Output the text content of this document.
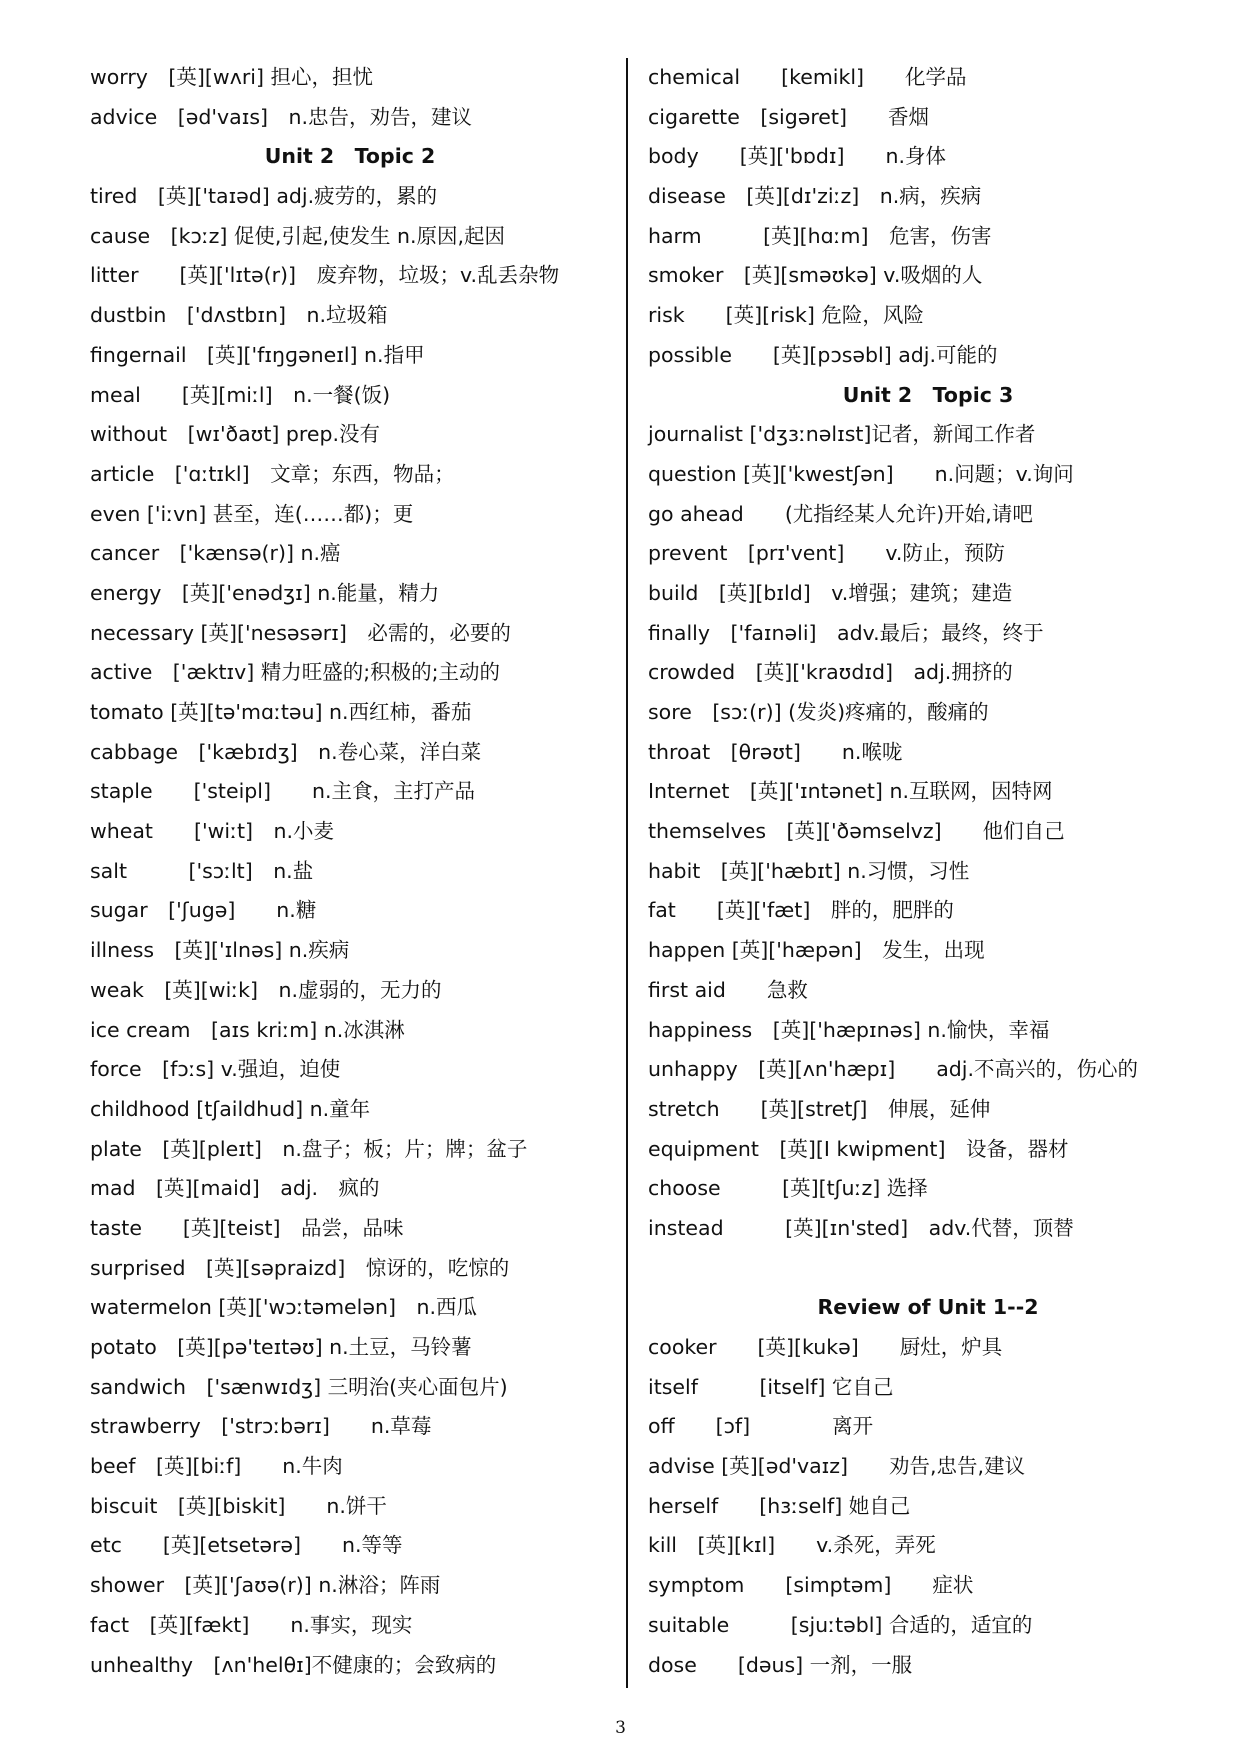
worry [英][wʌri] 担心，担忧
advice [əd'vaɪs] n.忠告，劝告，建议
Unit 2 Topic 2
tired [英]['taɪəd] adj.疲劳的，累的
cause [kɔːz] 促使,引起,使发生 n.原因,起因
litter  [英]['lɪtə(r)] 废弃物，垃圾；v.乱丢杂物
dustbin ['dʌstbɪn] n.垃圾箱
fingernail [英]['fɪŋɡəneɪl] n.指甲
meal  [英][miːl] n.一餐(饭)
without [wɪ'ðaʊt] prep.没有
article ['ɑːtɪkl] 文章；东西，物品；
even ['iːvn] 甚至，连(……都)；更
cancer ['kænsə(r)] n.癌
energy [英]['enədʒɪ] n.能量，精力
necessary [英]['nesəsərɪ] 必需的，必要的
active ['æktɪv] 精力旺盛的;积极的;主动的
tomato [英][tə'mɑːtəu] n.西红柿，番茄
cabbage ['kæbɪdʒ] n.卷心菜，洋白菜
staple  ['steipl]  n.主食，主打产品
wheat  ['wiːt] n.小麦
salt   ['sɔːlt] n.盐
sugar ['ʃugə]  n.糖
illness [英]['ɪlnəs] n.疾病
weak [英][wiːk] n.虚弱的，无力的
ice cream [aɪs kriːm] n.冰淇淋
force [fɔːs] v.强迫，迫使
childhood [tʃaildhud] n.童年
plate [英][pleɪt] n.盘子；板；片；牌；盆子
mad [英][maid] adj. 疯的
taste  [英][teist] 品尝，品味
surprised [英][səpraizd] 惊讶的，吃惊的
watermelon [英]['wɔːtəmelən] n.西瓜
potato [英][pə'teɪtəʊ] n.土豆，马铃薯
sandwich ['sænwɪdʒ] 三明治(夹心面包片)
strawberry ['strɔːbərɪ]  n.草莓
beef [英][biːf]  n.牛肉
biscuit [英][biskit]  n.饼干
etc  [英][etsetərə]  n.等等
shower [英]['ʃaʊə(r)] n.淋浴；阵雨
fact [英][fækt]  n.事实，现实
unhealthy [ʌn'helθɪ]不健康的；会致病的
chemical  [kemikl]  化学品
cigarette [sigəret]  香烟
body  [英]['bɒdɪ]  n.身体
disease [英][dɪ'ziːz] n.病，疾病
harm   [英][hɑːm] 危害，伤害
smoker [英][sməʊkə] v.吸烟的人
risk  [英][risk] 危险，风险
possible  [英][pɔsəbl] adj.可能的
Unit 2 Topic 3
journalist ['dʒɜːnəlɪst]记者，新闻工作者
question [英]['kwestʃən]  n.问题；v.询问
go ahead  (尤指经某人允许)开始,请吧
prevent [prɪ'vent]  v.防止，预防
build [英][bɪld] v.增强；建筑；建造
finally ['faɪnəli] adv.最后；最终，终于
crowded [英]['kraʊdɪd] adj.拥挤的
sore [sɔː(r)] (发炎)疼痛的，酸痛的
throat [θrəʊt]  n.喉咙
Internet [英]['ɪntənet] n.互联网，因特网
themselves [英]['ðəmselvz]  他们自己
habit [英]['hæbɪt] n.习惯，习性
fat  [英]['fæt] 胖的，肥胖的
happen [英]['hæpən] 发生，出现
first aid  急救
happiness [英]['hæpɪnəs] n.愉快，幸福
unhappy [英][ʌn'hæpɪ]  adj.不高兴的，伤心的
stretch  [英][stretʃ] 伸展，延伸
equipment [英][I kwipment] 设备，器材
choose   [英][tʃuːz] 选择
instead   [英][ɪn'sted] adv.代替，顶替
Review of Unit 1--2
cooker  [英][kukə]  厨灶，炉具
itself   [itself] 它自己
off  [ɔf]    离开
advise [英][əd'vaɪz]  劝告,忠告,建议
herself  [hɜːself] 她自己
kill [英][kɪl]  v.杀死，弄死
symptom  [simptəm]  症状
suitable   [sjuːtəbl] 合适的，适宜的
dose  [dəus] 一剂，一服
3
